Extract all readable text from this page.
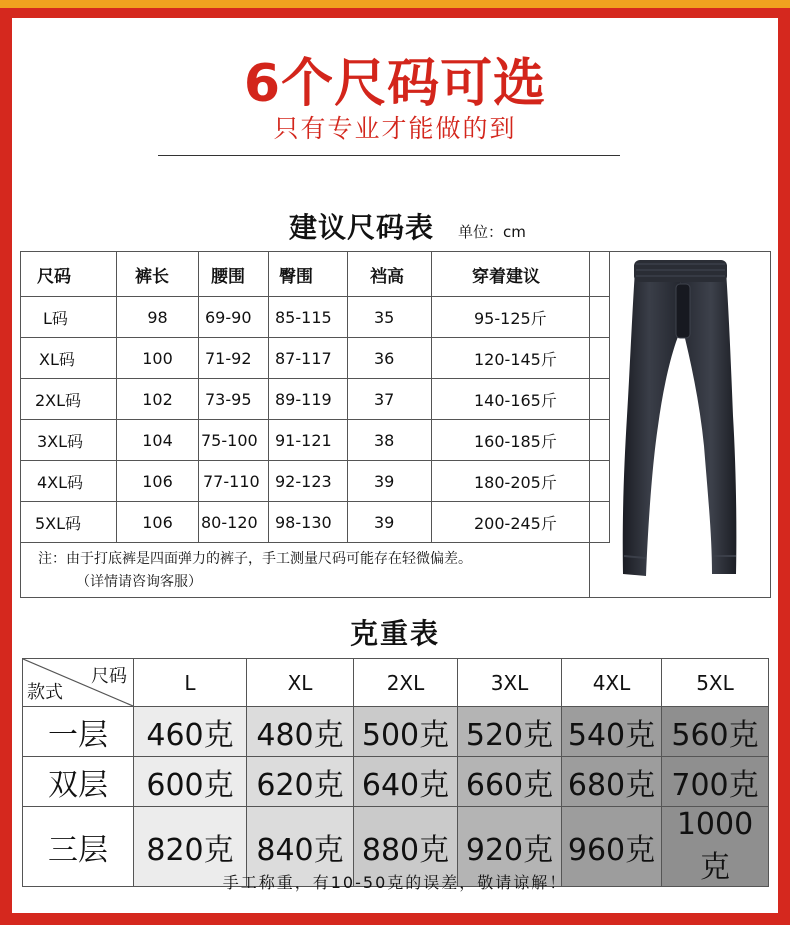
6个尺码可选
只有专业才能做的到
建议尺码表 单位：cm
尺码	裤长	腰围	臀围	裆高	穿着建议
L码	98	69-90	85-115	35	95-125斤
XL码	100	71-92	87-117	36	120-145斤
2XL码	102	73-95	89-119	37	140-165斤
3XL码	104	75-100	91-121	38	160-185斤
4XL码	106	77-110	92-123	39	180-205斤
5XL码	106	80-120	98-130	39	200-245斤
注：由于打底裤是四面弹力的裤子，手工测量尺码可能存在轻微偏差。
（详情请咨询客服）
克重表
尺码
款式	L	XL	2XL	3XL	4XL	5XL
一层	460克	480克	500克	520克	540克	560克
双层	600克	620克	640克	660克	680克	700克
三层	820克	840克	880克	920克	960克	1000克
手工称重，有10-50克的误差，敬请谅解！
